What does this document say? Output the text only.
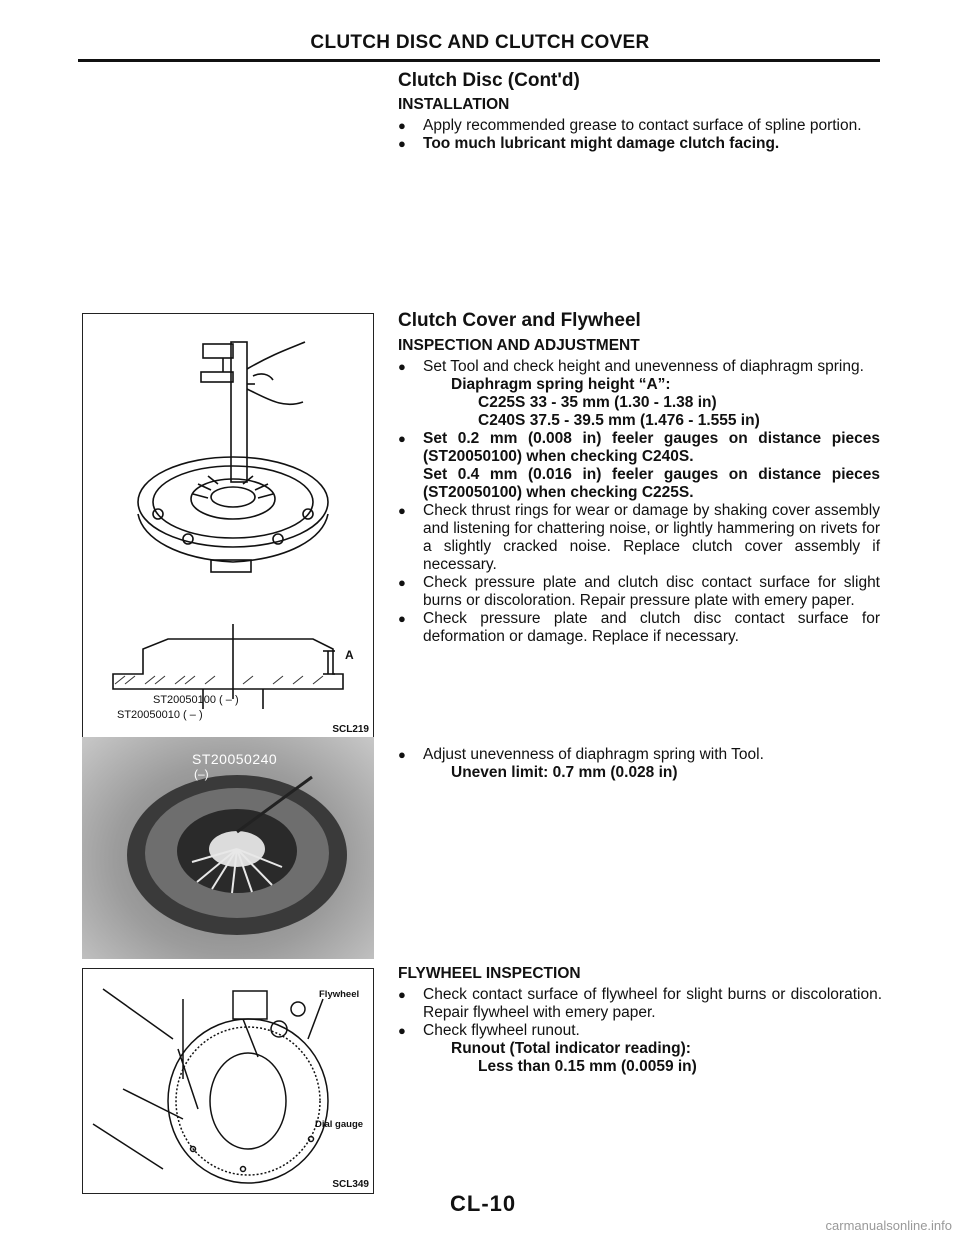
CLUTCH DISC AND CLUTCH COVER
Clutch Disc (Cont'd)
INSTALLATION
● Apply recommended grease to contact surface of spline portion.
● Too much lubricant might damage clutch facing.
Clutch Cover and Flywheel
INSPECTION AND ADJUSTMENT
● Set Tool and check height and unevenness of diaphragm spring.
Diaphragm spring height “A”:
C225S 33 - 35 mm (1.30 - 1.38 in)
C240S 37.5 - 39.5 mm (1.476 - 1.555 in)
● Set 0.2 mm (0.008 in) feeler gauges on distance pieces (ST20050100) when checking C240S.
Set 0.4 mm (0.016 in) feeler gauges on distance pieces (ST20050100) when checking C225S.
● Check thrust rings for wear or damage by shaking cover assembly and listening for chattering noise, or lightly hammering on rivets for a slightly cracked noise. Replace clutch cover assembly if necessary.
● Check pressure plate and clutch disc contact surface for slight burns or discoloration. Repair pressure plate with emery paper.
● Check pressure plate and clutch disc contact surface for deformation or damage. Replace if necessary.
● Adjust unevenness of diaphragm spring with Tool.
Uneven limit: 0.7 mm (0.028 in)
FLYWHEEL INSPECTION
● Check contact surface of flywheel for slight burns or discoloration. Repair flywheel with emery paper.
● Check flywheel runout.
Runout (Total indicator reading):
Less than 0.15 mm (0.0059 in)
A
ST20050100 ( – )
ST20050010 ( – )
SCL219
ST20050240
(–)
Flywheel
Dial gauge
SCL349
CL-10
carmanualsonline.info
